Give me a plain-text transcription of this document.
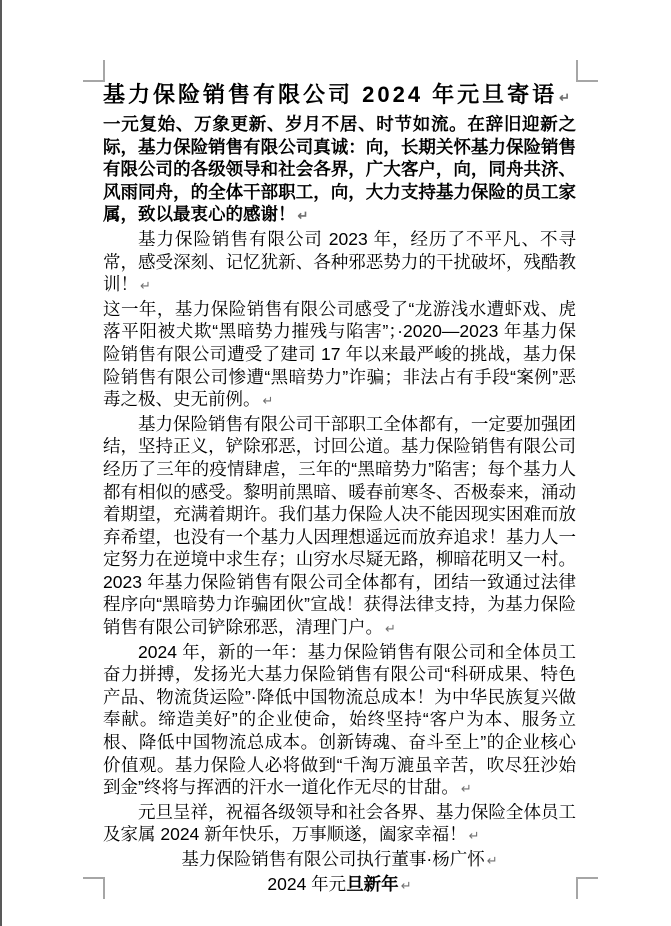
基力保险销售有限公司 2024 年元旦寄语 ↵

一元复始、万象更新、岁月不居、时节如流。在辞旧迎新之际，基力保险销售有限公司真诚：向，长期关怀基力保险销售有限公司的各级领导和社会各界，广大客户，向，同舟共济、风雨同舟，的全体干部职工，向，大力支持基力保险的员工家属，致以最衷心的感谢！ ↵

基力保险销售有限公司 2023 年，经历了不平凡、不寻常，感受深刻、记忆犹新、各种邪恶势力的干扰破坏，残酷教训！ ↵

这一年，基力保险销售有限公司感受了“龙游浅水遭虾戏、虎落平阳被犬欺“黑暗势力摧残与陷害”；·2020—2023 年基力保险销售有限公司遭受了建司 17 年以来最严峻的挑战，基力保险销售有限公司惨遭“黑暗势力”诈骗；非法占有手段“案例”恶毒之极、史无前例。 ↵

基力保险销售有限公司干部职工全体都有，一定要加强团结，坚持正义，铲除邪恶，讨回公道。基力保险销售有限公司经历了三年的疫情肆虐，三年的“黑暗势力”陷害；每个基力人都有相似的感受。黎明前黑暗、暖春前寒冬、否极泰来，涌动着期望，充满着期许。我们基力保险人决不能因现实困难而放弃希望，也没有一个基力人因理想遥远而放弃追求！基力人一定努力在逆境中求生存；山穷水尽疑无路，柳暗花明又一村。2023 年基力保险销售有限公司全体都有，团结一致通过法律程序向“黑暗势力诈骗团伙”宣战！获得法律支持，为基力保险销售有限公司铲除邪恶，清理门户。 ↵

2024 年，新的一年：基力保险销售有限公司和全体员工奋力拼搏，发扬光大基力保险销售有限公司“科研成果、特色产品、物流货运险”·降低中国物流总成本！为中华民族复兴做奉献。缔造美好”的企业使命，始终坚持“客户为本、服务立根、降低中国物流总成本。创新铸魂、奋斗至上”的企业核心价值观。基力保险人必将做到“千淘万漉虽辛苦，吹尽狂沙始到金”终将与挥洒的汗水一道化作无尽的甘甜。 ↵

元旦呈祥，祝福各级领导和社会各界、基力保险全体员工及家属 2024 新年快乐，万事顺遂，阖家幸福！ ↵

基力保险销售有限公司执行董事·杨广怀 ↵

2024 年元旦新年 ↵
